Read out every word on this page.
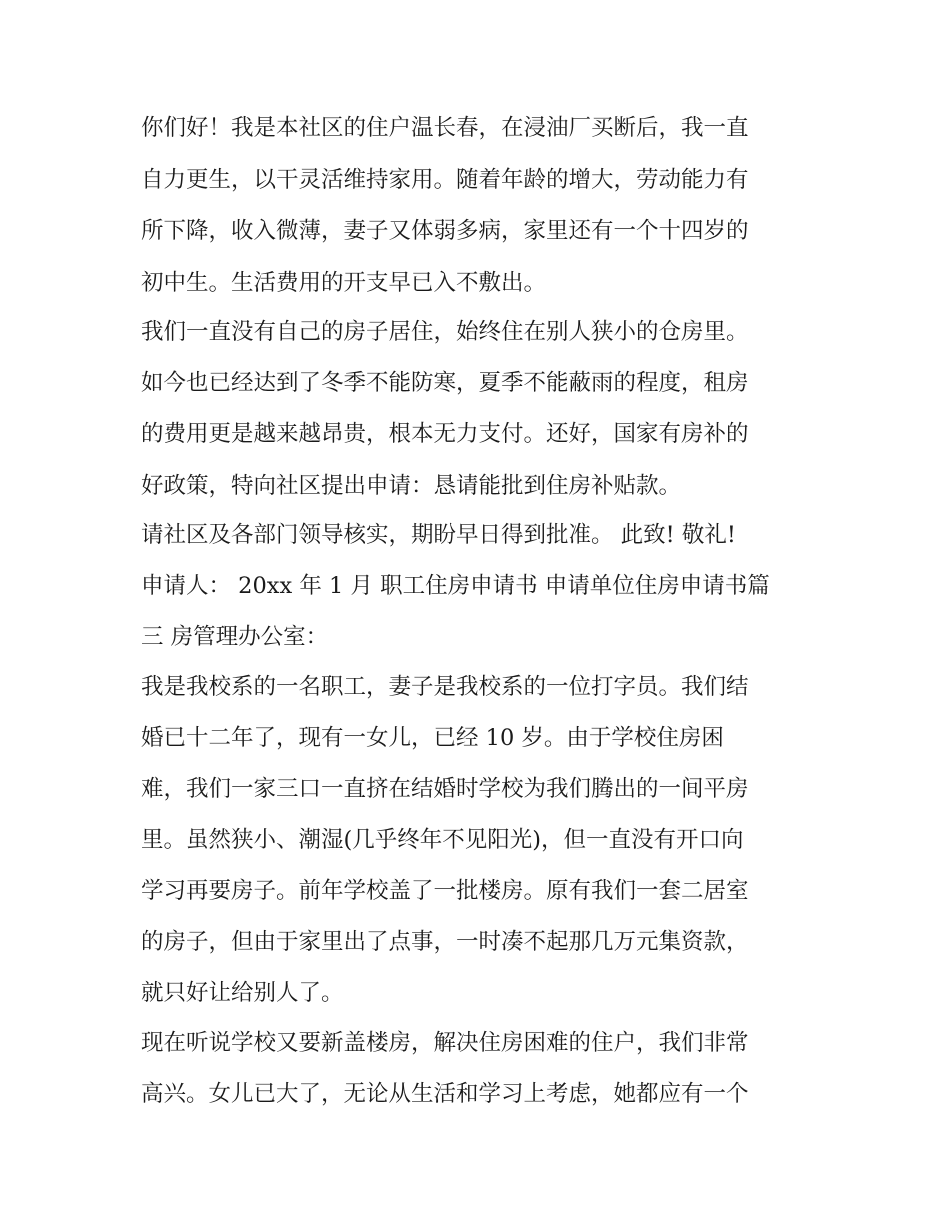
你们好！我是本社区的住户温长春，在浸油厂买断后，我一直
自力更生，以干灵活维持家用。随着年龄的增大，劳动能力有
所下降，收入微薄，妻子又体弱多病，家里还有一个十四岁的
初中生。生活费用的开支早已入不敷出。
我们一直没有自己的房子居住，始终住在别人狭小的仓房里。
如今也已经达到了冬季不能防寒，夏季不能蔽雨的程度，租房
的费用更是越来越昂贵，根本无力支付。还好，国家有房补的
好政策，特向社区提出申请：恳请能批到住房补贴款。
请社区及各部门领导核实，期盼早日得到批准。 此致! 敬礼!
申请人： 20xx 年 1 月 职工住房申请书 申请单位住房申请书篇
三 房管理办公室：
我是我校系的一名职工，妻子是我校系的一位打字员。我们结
婚已十二年了，现有一女儿，已经 10 岁。由于学校住房困
难，我们一家三口一直挤在结婚时学校为我们腾出的一间平房
里。虽然狭小、潮湿(几乎终年不见阳光)，但一直没有开口向
学习再要房子。前年学校盖了一批楼房。原有我们一套二居室
的房子，但由于家里出了点事，一时凑不起那几万元集资款，
就只好让给别人了。
现在听说学校又要新盖楼房，解决住房困难的住户，我们非常
高兴。女儿已大了，无论从生活和学习上考虑，她都应有一个
